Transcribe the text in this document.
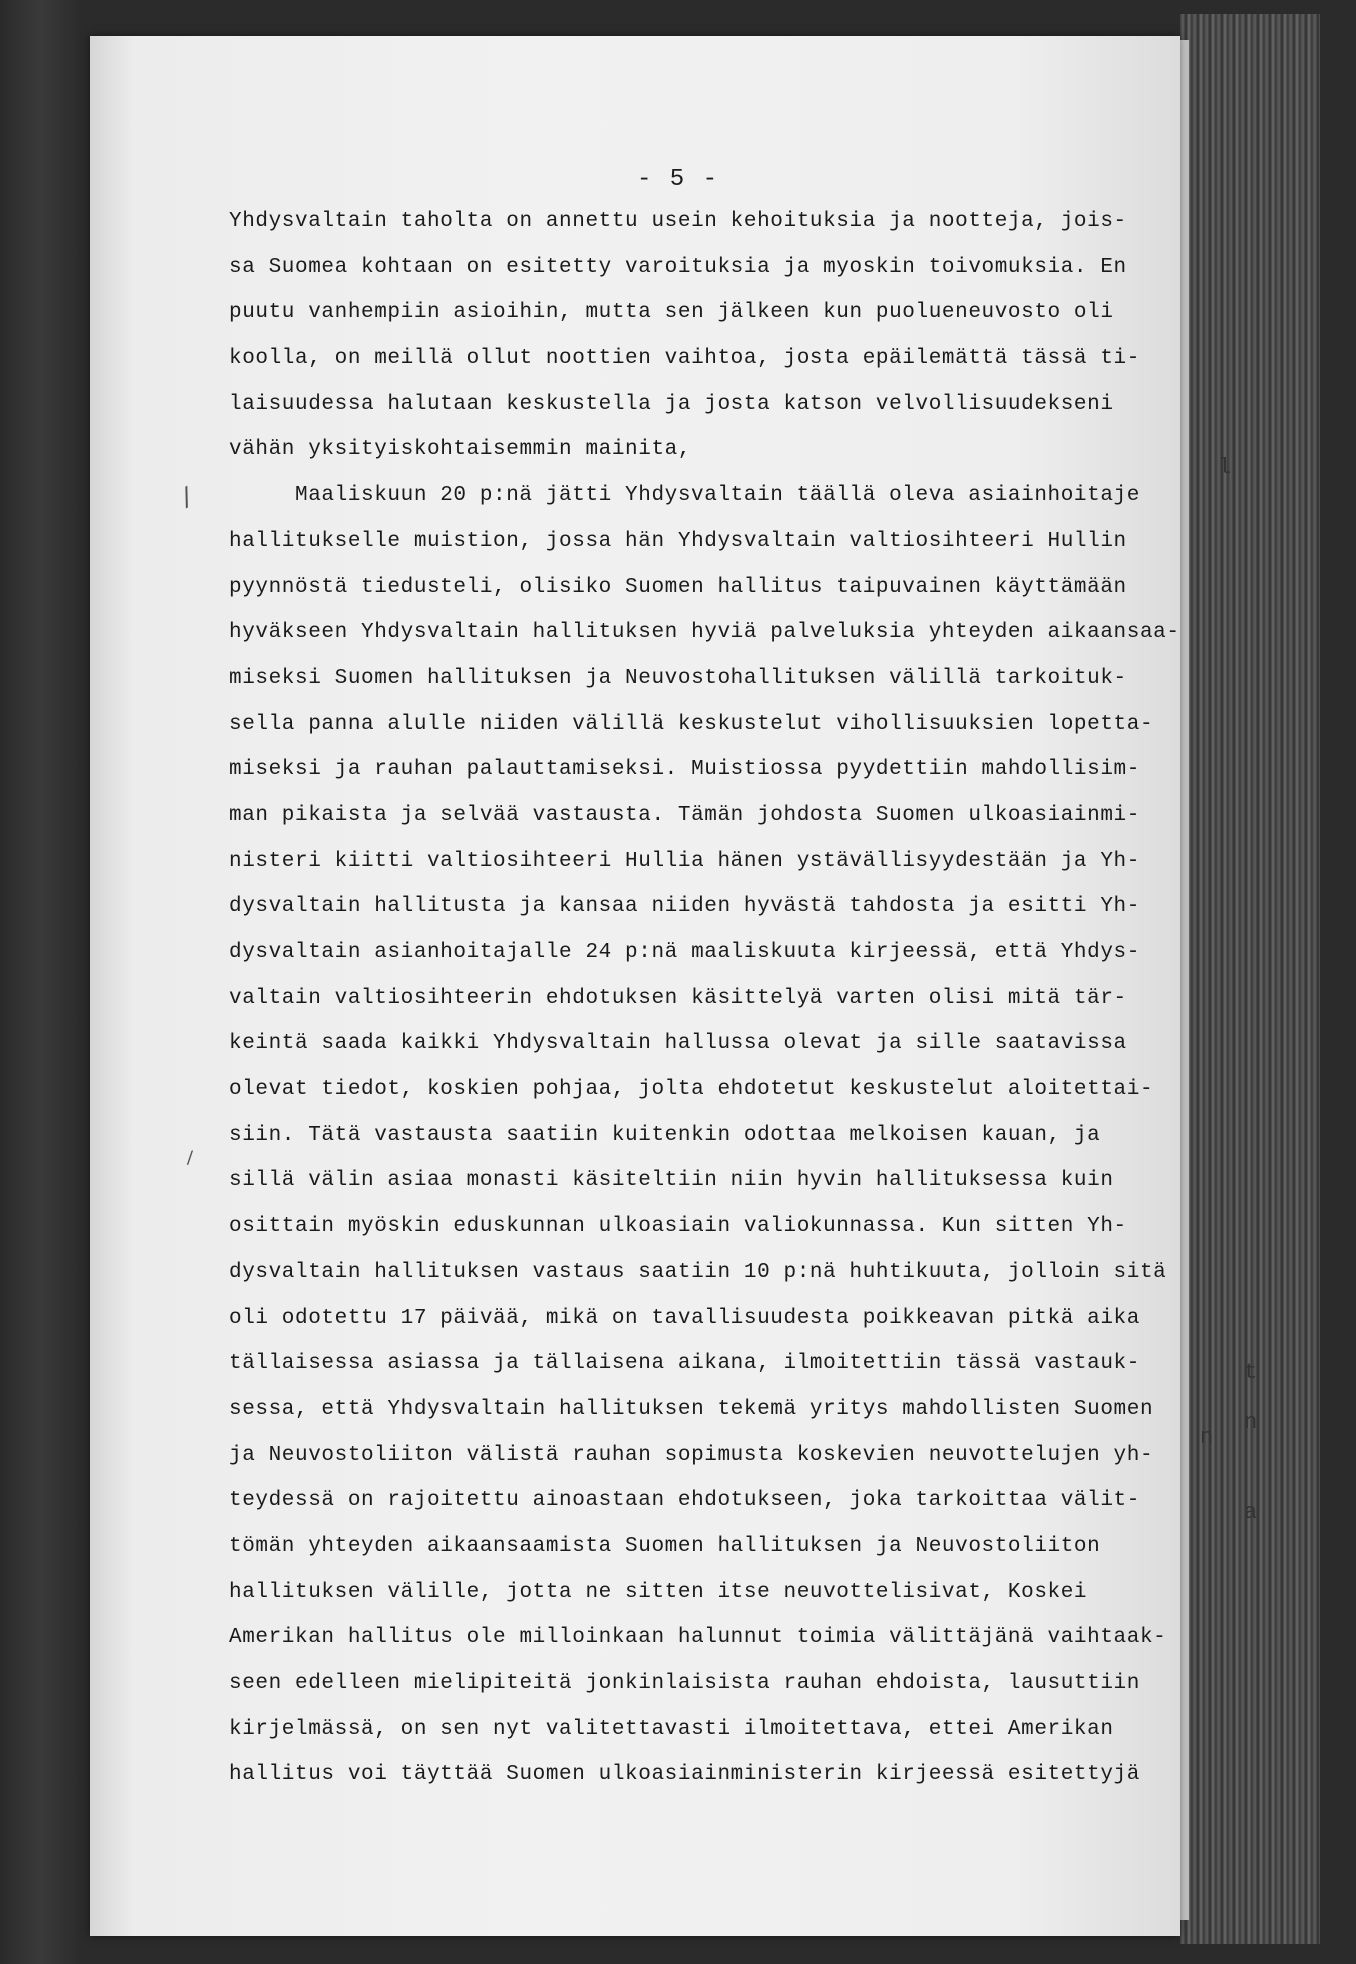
- 5 -
/
/
Yhdysvaltain taholta on annettu usein kehoituksia ja nootteja, jois-
sa Suomea kohtaan on esitetty varoituksia ja myoskin toivomuksia. En
puutu vanhempiin asioihin, mutta sen jälkeen kun puolueneuvosto oli
koolla, on meillä ollut noottien vaihtoa, josta epäilemättä tässä ti-
laisuudessa halutaan keskustella ja josta katson velvollisuudekseni
vähän yksityiskohtaisemmin mainita,
Maaliskuun 20 p:nä jätti Yhdysvaltain täällä oleva asiainhoitaje
hallitukselle muistion, jossa hän Yhdysvaltain valtiosihteeri Hullin
pyynnöstä tiedusteli, olisiko Suomen hallitus taipuvainen käyttämään
hyväkseen Yhdysvaltain hallituksen hyviä palveluksia yhteyden aikaansaa-
miseksi Suomen hallituksen ja Neuvostohallituksen välillä tarkoituk-
sella panna alulle niiden välillä keskustelut vihollisuuksien lopetta-
miseksi ja rauhan palauttamiseksi. Muistiossa pyydettiin mahdollisim-
man pikaista ja selvää vastausta. Tämän johdosta Suomen ulkoasiainmi-
nisteri kiitti valtiosihteeri Hullia hänen ystävällisyydestään ja Yh-
dysvaltain hallitusta ja kansaa niiden hyvästä tahdosta ja esitti Yh-
dysvaltain asianhoitajalle 24 p:nä maaliskuuta kirjeessä, että Yhdys-
valtain valtiosihteerin ehdotuksen käsittelyä varten olisi mitä tär-
keintä saada kaikki Yhdysvaltain hallussa olevat ja sille saatavissa
olevat tiedot, koskien pohjaa, jolta ehdotetut keskustelut aloitettai-
siin. Tätä vastausta saatiin kuitenkin odottaa melkoisen kauan, ja
sillä välin asiaa monasti käsiteltiin niin hyvin hallituksessa kuin
osittain myöskin eduskunnan ulkoasiain valiokunnassa. Kun sitten Yh-
dysvaltain hallituksen vastaus saatiin 10 p:nä huhtikuuta, jolloin sitä
oli odotettu 17 päivää, mikä on tavallisuudesta poikkeavan pitkä aika
tällaisessa asiassa ja tällaisena aikana, ilmoitettiin tässä vastauk-
sessa, että Yhdysvaltain hallituksen tekemä yritys mahdollisten Suomen
ja Neuvostoliiton välistä rauhan sopimusta koskevien neuvottelujen yh-
teydessä on rajoitettu ainoastaan ehdotukseen, joka tarkoittaa välit-
tömän yhteyden aikaansaamista Suomen hallituksen ja Neuvostoliiton
hallituksen välille, jotta ne sitten itse neuvottelisivat, Koskei
Amerikan hallitus ole milloinkaan halunnut toimia välittäjänä vaihtaak-
seen edelleen mielipiteitä jonkinlaisista rauhan ehdoista, lausuttiin
kirjelmässä, on sen nyt valitettavasti ilmoitettava, ettei Amerikan
hallitus voi täyttää Suomen ulkoasiainministerin kirjeessä esitettyjä
l
t
n
a
n
